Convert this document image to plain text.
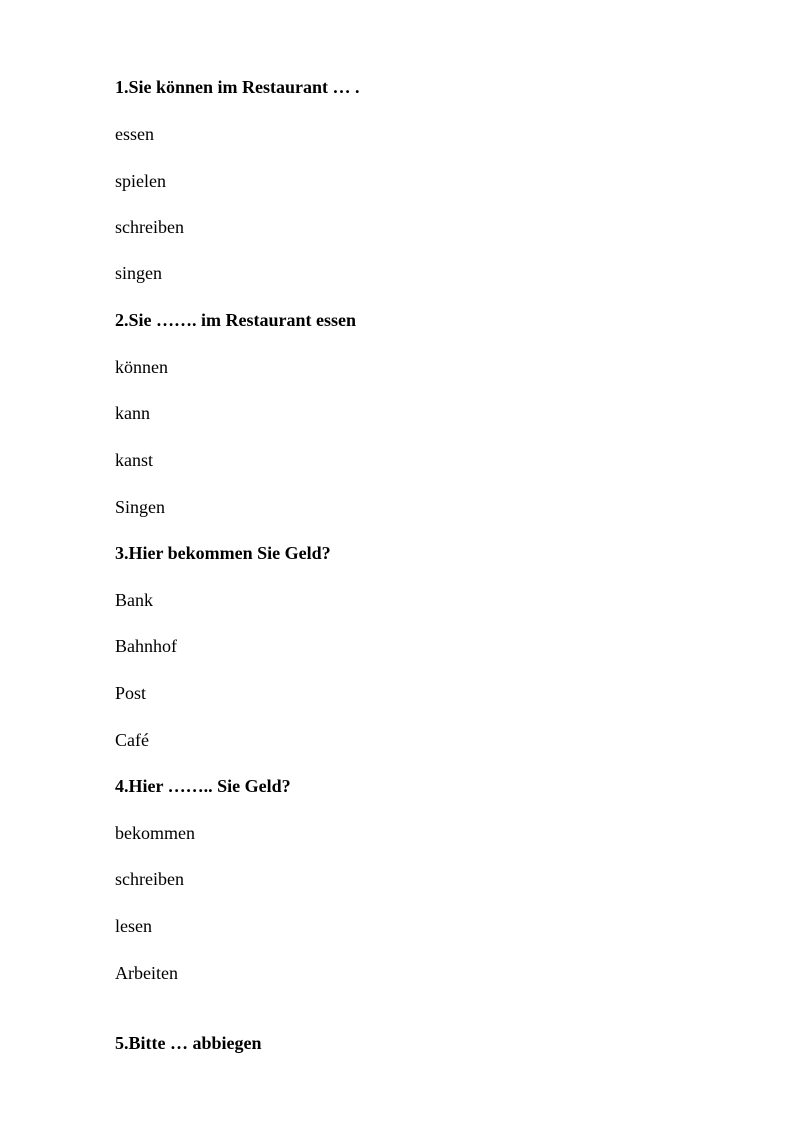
1.Sie können im Restaurant … .
essen
spielen
schreiben
singen
2.Sie ……. im Restaurant essen
können
kann
kanst
Singen
3.Hier bekommen Sie Geld?
Bank
Bahnhof
Post
Café
4.Hier …….. Sie Geld?
bekommen
schreiben
lesen
Arbeiten
5.Bitte … abbiegen
